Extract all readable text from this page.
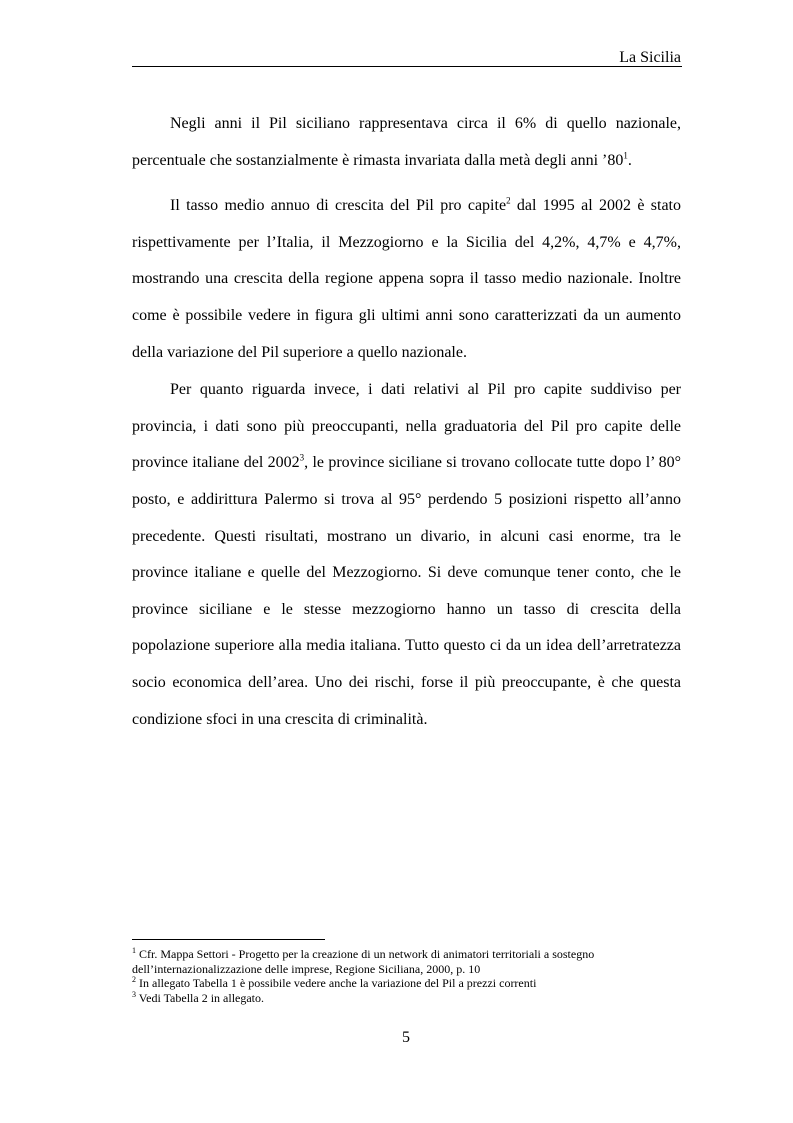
La Sicilia

Negli anni il Pil siciliano rappresentava circa il 6% di quello nazionale, percentuale che sostanzialmente è rimasta invariata dalla metà degli anni $’80^1$.

Il tasso medio annuo di crescita del Pil pro capite$^2$ dal 1995 al 2002 è stato rispettivamente per l’Italia, il Mezzogiorno e la Sicilia del 4,2%, 4,7% e 4,7%, mostrando una crescita della regione appena sopra il tasso medio nazionale. Inoltre come è possibile vedere in figura gli ultimi anni sono caratterizzati da un aumento della variazione del Pil superiore a quello nazionale.

Per quanto riguarda invece, i dati relativi al Pil pro capite suddiviso per provincia, i dati sono più preoccupanti, nella graduatoria del Pil pro capite delle province italiane del 2002$^3$, le province siciliane si trovano collocate tutte dopo l’ 80° posto, e addirittura Palermo si trova al 95° perdendo 5 posizioni rispetto all’anno precedente. Questi risultati, mostrano un divario, in alcuni casi enorme, tra le province italiane e quelle del Mezzogiorno. Si deve comunque tener conto, che le province siciliane e le stesse mezzogiorno hanno un tasso di crescita della popolazione superiore alla media italiana. Tutto questo ci da un idea dell’arretratezza socio economica dell’area. Uno dei rischi, forse il più preoccupante, è che questa condizione sfoci in una crescita di criminalità.

$^1$ Cfr. Mappa Settori - Progetto per la creazione di un network di animatori territoriali a sostegno dell’internazionalizzazione delle imprese, Regione Siciliana, 2000, p. 10

$^2$ In allegato Tabella 1 è possibile vedere anche la variazione del Pil a prezzi correnti

$^3$ Vedi Tabella 2 in allegato.

5
